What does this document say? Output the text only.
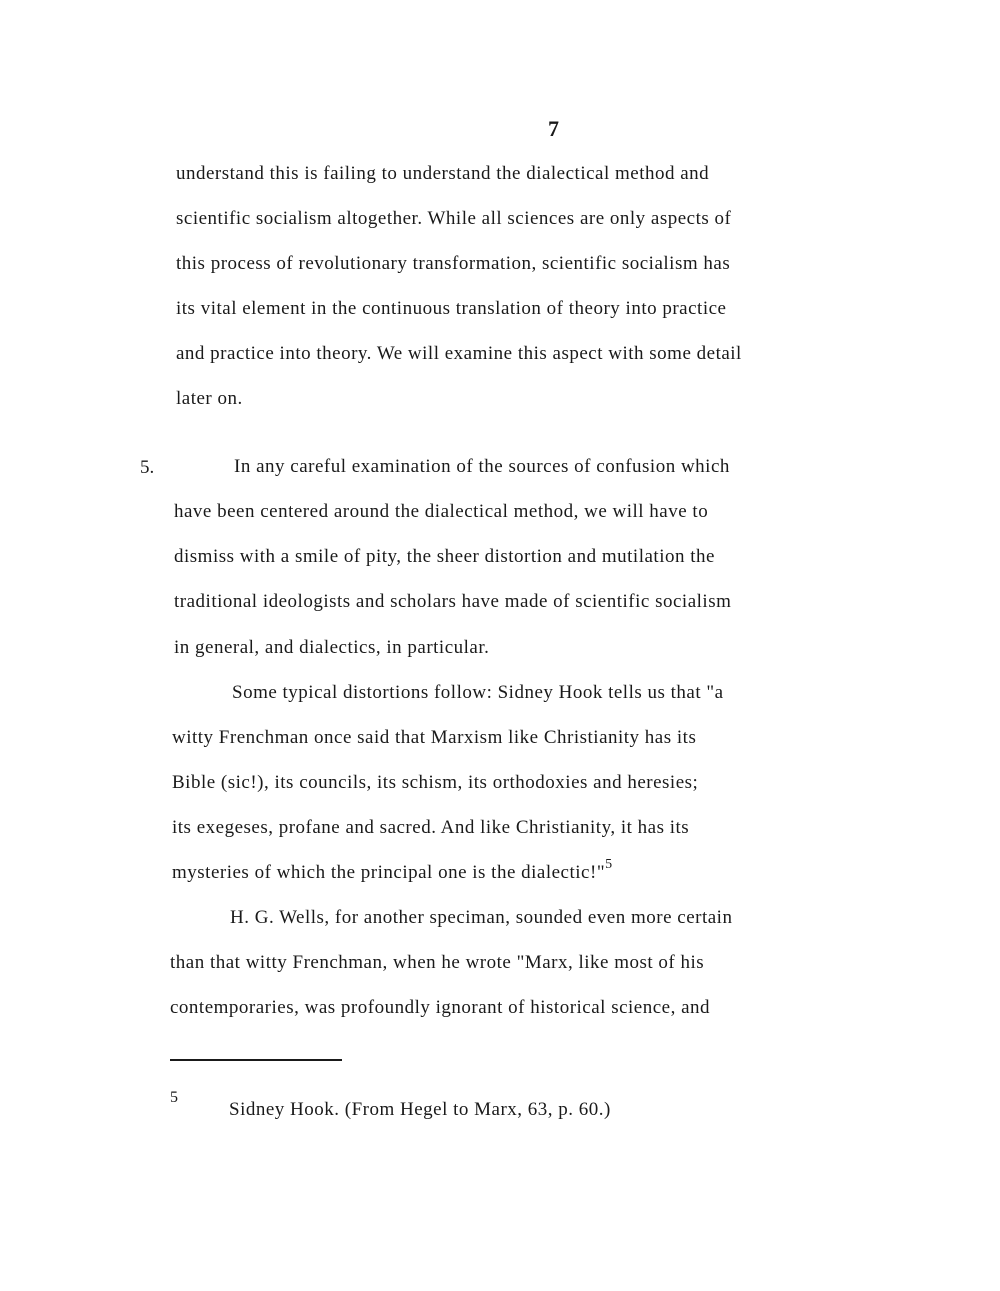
7
understand this is failing to understand the dialectical method and
scientific socialism altogether. While all sciences are only aspects of
this process of revolutionary transformation, scientific socialism has
its vital element in the continuous translation of theory into practice
and practice into theory. We will examine this aspect with some detail
later on.
5.	In any careful examination of the sources of confusion which
have been centered around the dialectical method, we will have to
dismiss with a smile of pity, the sheer distortion and mutilation the
traditional ideologists and scholars have made of scientific socialism
in general, and dialectics, in particular.
Some typical distortions follow: Sidney Hook tells us that "a
witty Frenchman once said that Marxism like Christianity has its
Bible (sic!), its councils, its schism, its orthodoxies and heresies;
its exegeses, profane and sacred. And like Christianity, it has its
mysteries of which the principal one is the dialectic!"$^5$
H. G. Wells, for another speciman, sounded even more certain
than that witty Frenchman, when he wrote "Marx, like most of his
contemporaries, was profoundly ignorant of historical science, and
5
Sidney Hook. (From Hegel to Marx, 63, p. 60.)
